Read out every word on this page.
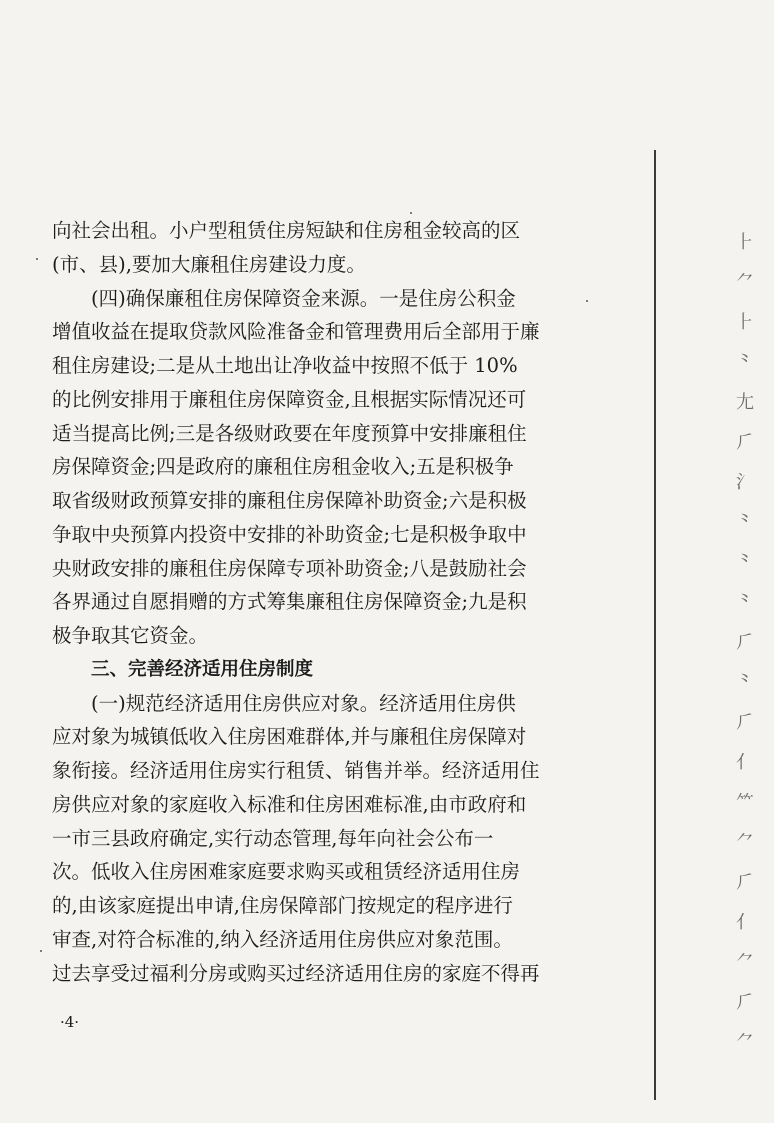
向社会出租。小户型租赁住房短缺和住房租金较高的区
(市、县),要加大廉租住房建设力度。
(四)确保廉租住房保障资金来源。一是住房公积金
增值收益在提取贷款风险准备金和管理费用后全部用于廉
租住房建设;二是从土地出让净收益中按照不低于 10%
的比例安排用于廉租住房保障资金,且根据实际情况还可
适当提高比例;三是各级财政要在年度预算中安排廉租住
房保障资金;四是政府的廉租住房租金收入;五是积极争
取省级财政预算安排的廉租住房保障补助资金;六是积极
争取中央预算内投资中安排的补助资金;七是积极争取中
央财政安排的廉租住房保障专项补助资金;八是鼓励社会
各界通过自愿捐赠的方式筹集廉租住房保障资金;九是积
极争取其它资金。
三、完善经济适用住房制度
(一)规范经济适用住房供应对象。经济适用住房供
应对象为城镇低收入住房困难群体,并与廉租住房保障对
象衔接。经济适用住房实行租赁、销售并举。经济适用住
房供应对象的家庭收入标准和住房困难标准,由市政府和
一市三县政府确定,实行动态管理,每年向社会公布一
次。低收入住房困难家庭要求购买或租赁经济适用住房
的,由该家庭提出申请,住房保障部门按规定的程序进行
审查,对符合标准的,纳入经济适用住房供应对象范围。
过去享受过福利分房或购买过经济适用住房的家庭不得再
·4·
⺊
⺈
⺊
⺀
⼪
⺁
⺡
⺀
⺀
⺀
⺁
⺀
⺁
⺅
⺮
⺈
⺁
⺅
⺈
⺁
⺈
